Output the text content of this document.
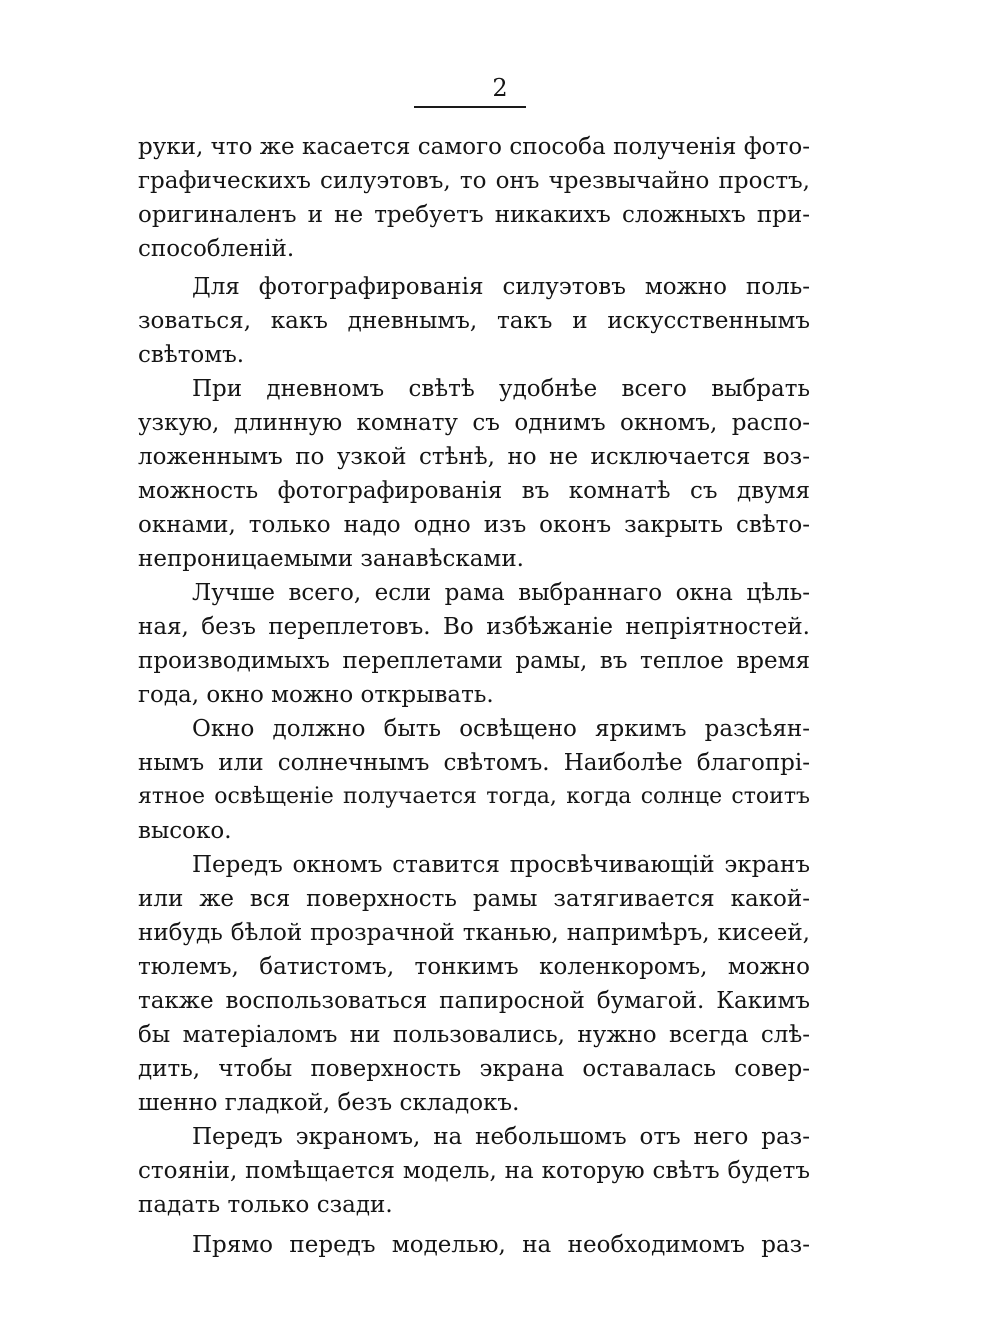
2
руки, что же касается самого способа полученія фото-
графическихъ силуэтовъ, то онъ чрезвычайно простъ,
оригиналенъ и не требуетъ никакихъ сложныхъ при-
способленій.
Для фотографированія силуэтовъ можно поль-
зоваться, какъ дневнымъ, такъ и искусственнымъ
свѣтомъ.
При дневномъ свѣтѣ удобнѣе всего выбрать
узкую, длинную комнату съ однимъ окномъ, распо-
ложеннымъ по узкой стѣнѣ, но не исключается воз-
можность фотографированія въ комнатѣ съ двумя
окнами, только надо одно изъ оконъ закрыть свѣто-
непроницаемыми занавѣсками.
Лучше всего, если рама выбраннаго окна цѣль-
ная, безъ переплетовъ. Во избѣжаніе непріятностей.
производимыхъ переплетами рамы, въ теплое время
года, окно можно открывать.
Окно должно быть освѣщено яркимъ разсѣян-
нымъ или солнечнымъ свѣтомъ. Наиболѣе благопрі-
ятное освѣщеніе получается тогда, когда солнце стоитъ
высоко.
Передъ окномъ ставится просвѣчивающій экранъ
или же вся поверхность рамы затягивается какой-
нибудь бѣлой прозрачной тканью, напримѣръ, кисеей,
тюлемъ, батистомъ, тонкимъ коленкоромъ, можно
также воспользоваться папиросной бумагой. Какимъ
бы матеріаломъ ни пользовались, нужно всегда слѣ-
дить, чтобы поверхность экрана оставалась совер-
шенно гладкой, безъ складокъ.
Передъ экраномъ, на небольшомъ отъ него раз-
стояніи, помѣщается модель, на которую свѣтъ будетъ
падать только сзади.
Прямо передъ моделью, на необходимомъ раз-
